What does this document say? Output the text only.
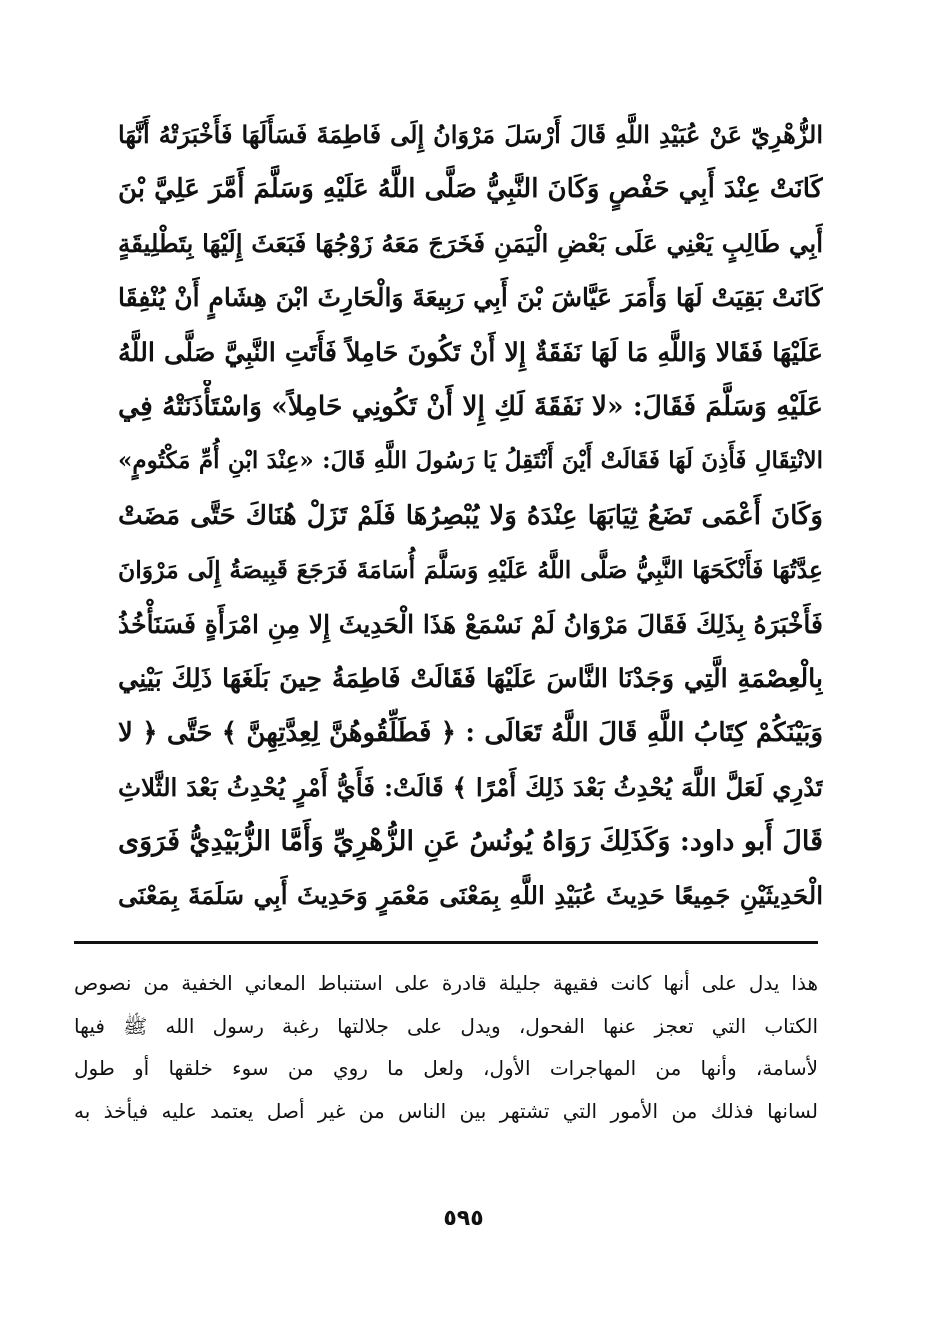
الزُّهْرِيّ عَنْ عُبَيْدِ اللَّهِ قَالَ أَرْسَلَ مَرْوَانُ إِلَى فَاطِمَةَ فَسَأَلَهَا فَأَخْبَرَتْهُ أَنَّهَا
كَانَتْ عِنْدَ أَبِي حَفْصٍ وَكَانَ النَّبِيُّ صَلَّى اللَّهُ عَلَيْهِ وَسَلَّمَ أَمَّرَ عَلِيَّ بْنَ
أَبِي طَالِبٍ يَعْنِي عَلَى بَعْضِ الْيَمَنِ فَخَرَجَ مَعَهُ زَوْجُهَا فَبَعَثَ إِلَيْهَا بِتَطْلِيقَةٍ
كَانَتْ بَقِيَتْ لَهَا وَأَمَرَ عَيَّاشَ بْنَ أَبِي رَبِيعَةَ وَالْحَارِثَ ابْنَ هِشَامٍ أَنْ يُنْفِقَا
عَلَيْهَا فَقَالا وَاللَّهِ مَا لَهَا نَفَقَةٌ إِلا أَنْ تَكُونَ حَامِلاً فَأَتَتِ النَّبِيَّ صَلَّى اللَّهُ
عَلَيْهِ وَسَلَّمَ فَقَالَ: «لا نَفَقَةَ لَكِ إِلا أَنْ تَكُونِي حَامِلاً» وَاسْتَأْذَنَتْهُ فِي
الانْتِقَالِ فَأَذِنَ لَهَا فَقَالَتْ أَيْنَ أَنْتَقِلُ يَا رَسُولَ اللَّهِ قَالَ: «عِنْدَ ابْنِ أُمِّ مَكْتُومٍ»
وَكَانَ أَعْمَى تَضَعُ ثِيَابَهَا عِنْدَهُ وَلا يُبْصِرُهَا فَلَمْ تَزَلْ هُنَاكَ حَتَّى مَضَتْ
عِدَّتُهَا فَأَنْكَحَهَا النَّبِيُّ صَلَّى اللَّهُ عَلَيْهِ وَسَلَّمَ أُسَامَةَ فَرَجَعَ قَبِيصَةُ إِلَى مَرْوَانَ
فَأَخْبَرَهُ بِذَلِكَ فَقَالَ مَرْوَانُ لَمْ نَسْمَعْ هَذَا الْحَدِيثَ إِلا مِنِ امْرَأَةٍ فَسَنَأْخُذُ
بِالْعِصْمَةِ الَّتِي وَجَدْنَا النَّاسَ عَلَيْهَا فَقَالَتْ فَاطِمَةُ حِينَ بَلَغَهَا ذَلِكَ بَيْنِي
وَبَيْنَكُمْ كِتَابُ اللَّهِ قَالَ اللَّهُ تَعَالَى : ﴿ فَطَلِّقُوهُنَّ لِعِدَّتِهِنَّ ﴾ حَتَّى ﴿ لا
تَدْرِي لَعَلَّ اللَّهَ يُحْدِثُ بَعْدَ ذَلِكَ أَمْرًا ﴾ قَالَتْ: فَأَيُّ أَمْرٍ يُحْدِثُ بَعْدَ الثَّلاثِ
قَالَ أَبو داود: وَكَذَلِكَ رَوَاهُ يُونُسُ عَنِ الزُّهْرِيِّ وَأَمَّا الزُّبَيْدِيُّ فَرَوَى
الْحَدِيثَيْنِ جَمِيعًا حَدِيثَ عُبَيْدِ اللَّهِ بِمَعْنَى مَعْمَرٍ وَحَدِيثَ أَبِي سَلَمَةَ بِمَعْنَى
هذا يدل على أنها كانت فقيهة جليلة قادرة على استنباط المعاني الخفية من نصوص
الكتاب التي تعجز عنها الفحول، ويدل على جلالتها رغبة رسول الله ﷺ فيها
لأسامة، وأنها من المهاجرات الأول، ولعل ما روي من سوء خلقها أو طول
لسانها فذلك من الأمور التي تشتهر بين الناس من غير أصل يعتمد عليه فيأخذ به
٥٩٥
